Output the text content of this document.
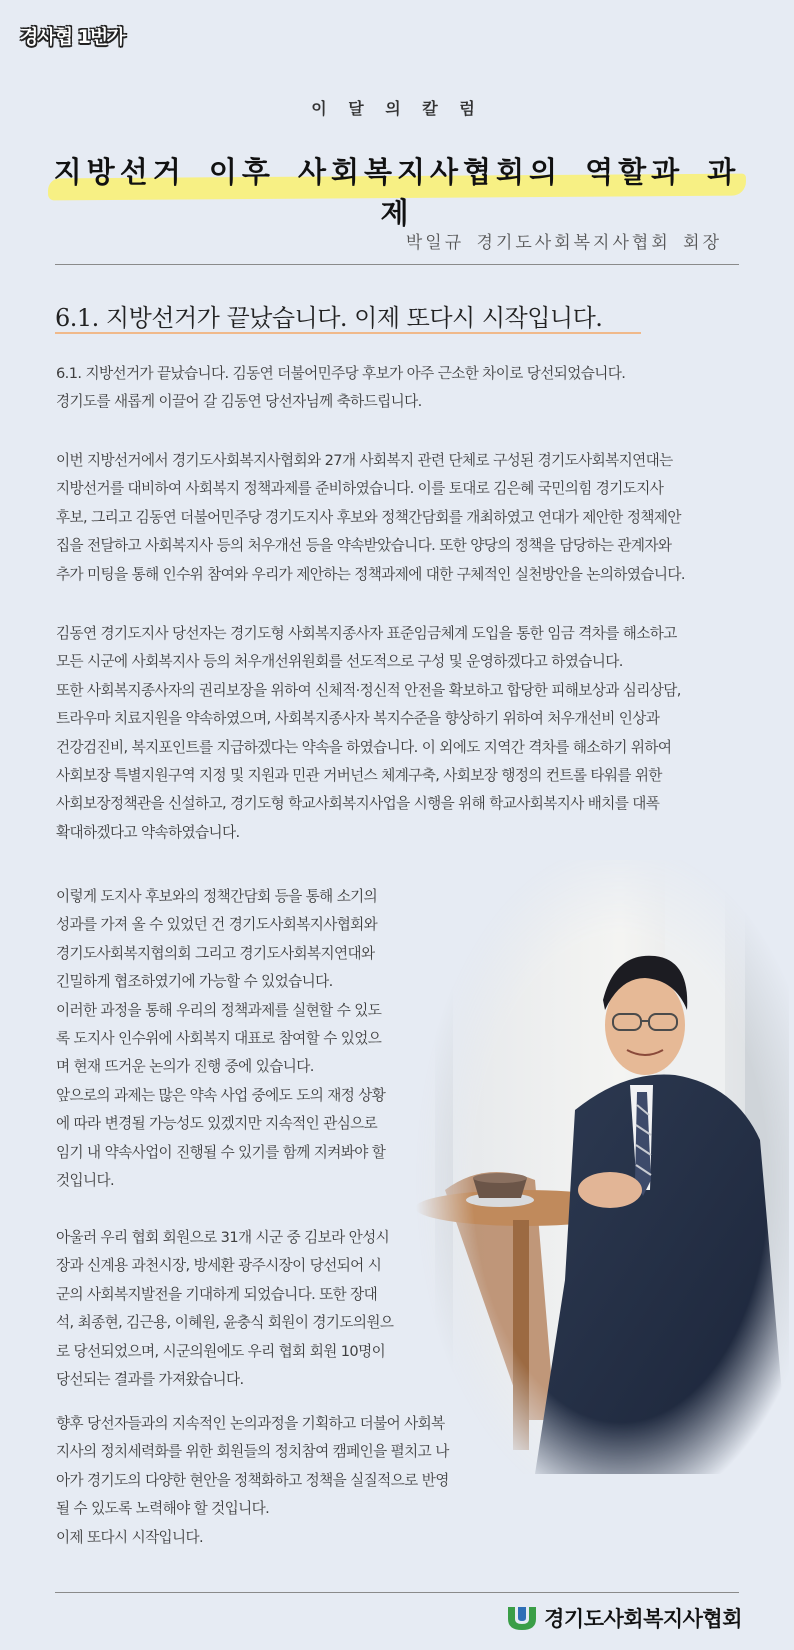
경사협 1번가
이 달 의 칼 럼
지방선거 이후 사회복지사협회의 역할과 과제
박일규 경기도사회복지사협회 회장
6.1. 지방선거가 끝났습니다. 이제 또다시 시작입니다.
6.1. 지방선거가 끝났습니다. 김동연 더불어민주당 후보가 아주 근소한 차이로 당선되었습니다.
경기도를 새롭게 이끌어 갈 김동연 당선자님께 축하드립니다.
이번 지방선거에서 경기도사회복지사협회와 27개 사회복지 관련 단체로 구성된 경기도사회복지연대는
지방선거를 대비하여 사회복지 정책과제를 준비하였습니다. 이를 토대로 김은혜 국민의힘 경기도지사
후보, 그리고 김동연 더불어민주당 경기도지사 후보와 정책간담회를 개최하였고 연대가 제안한 정책제안
집을 전달하고 사회복지사 등의 처우개선 등을 약속받았습니다. 또한 양당의 정책을 담당하는 관계자와
추가 미팅을 통해 인수위 참여와 우리가 제안하는 정책과제에 대한 구체적인 실천방안을 논의하였습니다.
김동연 경기도지사 당선자는 경기도형 사회복지종사자 표준임금체계 도입을 통한 임금 격차를 해소하고
모든 시군에 사회복지사 등의 처우개선위원회를 선도적으로 구성 및 운영하겠다고 하였습니다.
또한 사회복지종사자의 권리보장을 위하여 신체적·정신적 안전을 확보하고 합당한 피해보상과 심리상담,
트라우마 치료지원을 약속하였으며, 사회복지종사자 복지수준을 향상하기 위하여 처우개선비 인상과
건강검진비, 복지포인트를 지급하겠다는 약속을 하였습니다. 이 외에도 지역간 격차를 해소하기 위하여
사회보장 특별지원구역 지정 및 지원과 민관 거버넌스 체계구축, 사회보장 행정의 컨트롤 타워를 위한
사회보장정책관을 신설하고, 경기도형 학교사회복지사업을 시행을 위해 학교사회복지사 배치를 대폭
확대하겠다고 약속하였습니다.
이렇게 도지사 후보와의 정책간담회 등을 통해 소기의
성과를 가져 올 수 있었던 건 경기도사회복지사협회와
경기도사회복지협의회 그리고 경기도사회복지연대와
긴밀하게 협조하였기에 가능할 수 있었습니다.
이러한 과정을 통해 우리의 정책과제를 실현할 수 있도
록 도지사 인수위에 사회복지 대표로 참여할 수 있었으
며 현재 뜨거운 논의가 진행 중에 있습니다.
앞으로의 과제는 많은 약속 사업 중에도 도의 재정 상황
에 따라 변경될 가능성도 있겠지만 지속적인 관심으로
임기 내 약속사업이 진행될 수 있기를 함께 지켜봐야 할
것입니다.
아울러 우리 협회 회원으로 31개 시군 중 김보라 안성시
장과 신계용 과천시장, 방세환 광주시장이 당선되어 시
군의 사회복지발전을 기대하게 되었습니다. 또한 장대
석, 최종현, 김근용, 이혜원, 윤충식 회원이 경기도의원으
로 당선되었으며, 시군의원에도 우리 협회 회원 10명이
당선되는 결과를 가져왔습니다.
향후 당선자들과의 지속적인 논의과정을 기획하고 더불어 사회복
지사의 정치세력화를 위한 회원들의 정치참여 캠페인을 펼치고 나
아가 경기도의 다양한 현안을 정책화하고 정책을 실질적으로 반영
될 수 있도록 노력해야 할 것입니다.
이제 또다시 시작입니다.
경기도사회복지사협회
